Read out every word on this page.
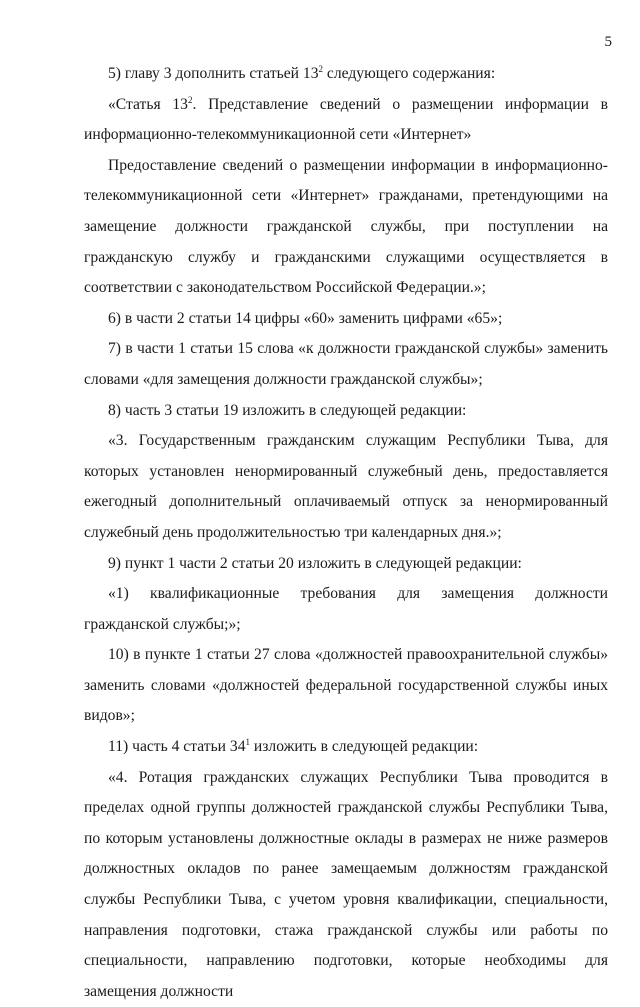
5

5) главу 3 дополнить статьей $13^2$ следующего содержания:

«Статья $13^2$. Представление сведений о размещении информации в информационно-телекоммуникационной сети «Интернет»

Предоставление сведений о размещении информации в информационно-телекоммуникационной сети «Интернет» гражданами, претендующими на замещение должности гражданской службы, при поступлении на гражданскую службу и гражданскими служащими осуществляется в соответствии с законодательством Российской Федерации.»;

6) в части 2 статьи 14 цифры «60» заменить цифрами «65»;

7) в части 1 статьи 15 слова «к должности гражданской службы» заменить словами «для замещения должности гражданской службы»;

8) часть 3 статьи 19 изложить в следующей редакции:

«3. Государственным гражданским служащим Республики Тыва, для которых установлен ненормированный служебный день, предоставляется ежегодный дополнительный оплачиваемый отпуск за ненормированный служебный день продолжительностью три календарных дня.»;

9) пункт 1 части 2 статьи 20 изложить в следующей редакции:

«1) квалификационные требования для замещения должности гражданской службы;»;

10) в пункте 1 статьи 27 слова «должностей правоохранительной службы» заменить словами «должностей федеральной государственной службы иных видов»;

11) часть 4 статьи $34^1$ изложить в следующей редакции:

«4. Ротация гражданских служащих Республики Тыва проводится в пределах одной группы должностей гражданской службы Республики Тыва, по которым установлены должностные оклады в размерах не ниже размеров должностных окладов по ранее замещаемым должностям гражданской службы Республики Тыва, с учетом уровня квалификации, специальности, направления подготовки, стажа гражданской службы или работы по специальности, направлению подготовки, которые необходимы для замещения должности
